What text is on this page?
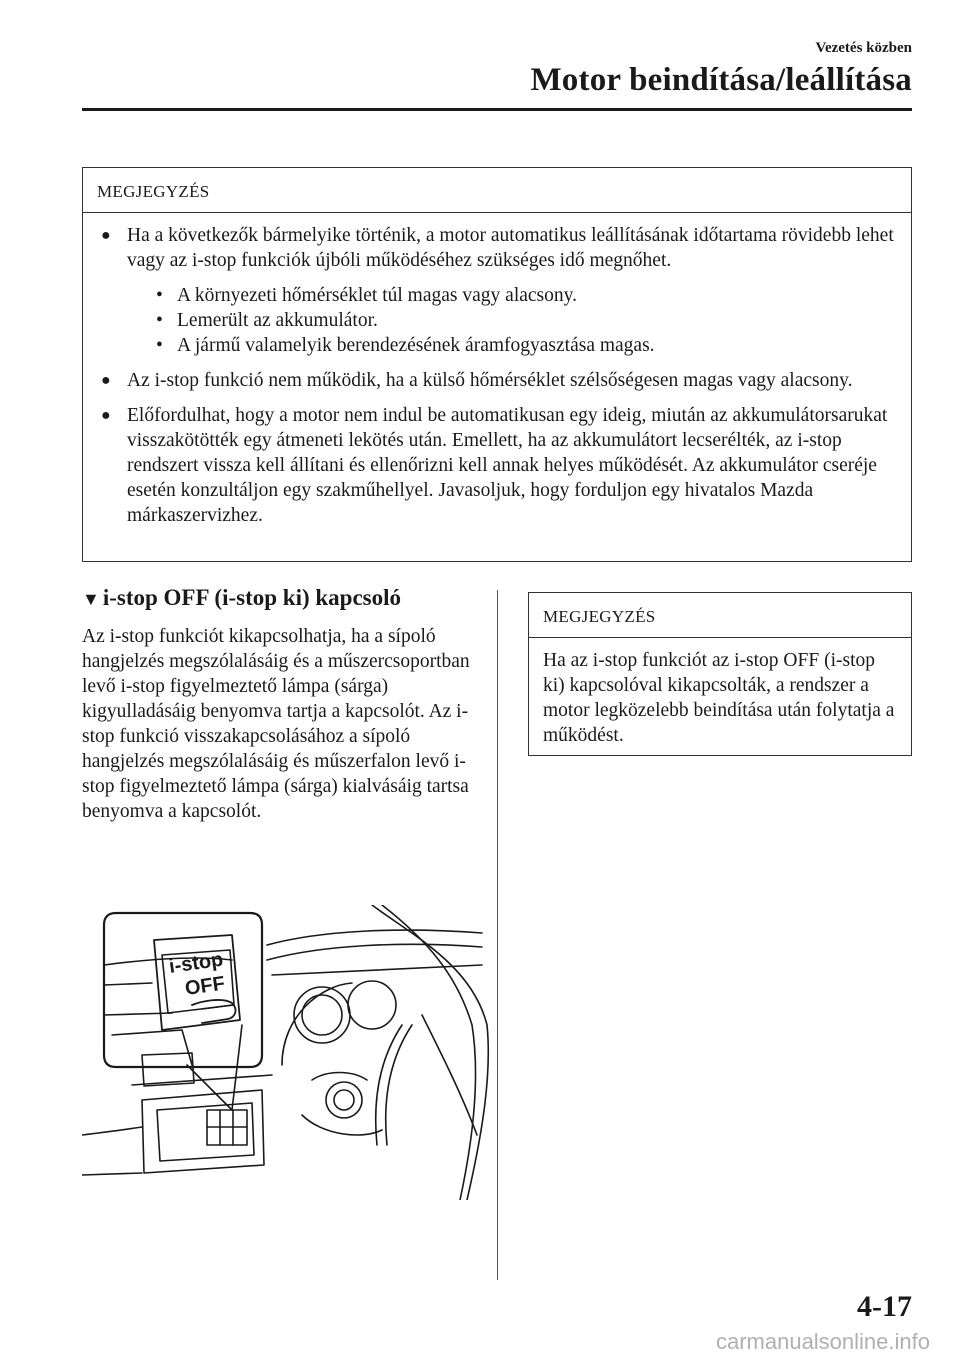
Vezetés közben
Motor beindítása/leállítása
MEGJEGYZÉS
● Ha a következők bármelyike történik, a motor automatikus leállításának időtartama rövidebb lehet vagy az i-stop funkciók újbóli működéséhez szükséges idő megnőhet.
• A környezeti hőmérséklet túl magas vagy alacsony.
• Lemerült az akkumulátor.
• A jármű valamelyik berendezésének áramfogyasztása magas.
● Az i-stop funkció nem működik, ha a külső hőmérséklet szélsőségesen magas vagy alacsony.
● Előfordulhat, hogy a motor nem indul be automatikusan egy ideig, miután az akkumulátorsarukat visszakötötték egy átmeneti lekötés után. Emellett, ha az akkumulátort lecserélték, az i-stop rendszert vissza kell állítani és ellenőrizni kell annak helyes működését. Az akkumulátor cseréje esetén konzultáljon egy szakműhellyel. Javasoljuk, hogy forduljon egy hivatalos Mazda márkaszervizhez.
▼ i-stop OFF (i-stop ki) kapcsoló
Az i-stop funkciót kikapcsolhatja, ha a sípoló hangjelzés megszólalásáig és a műszercsoportban levő i-stop figyelmeztető lámpa (sárga) kigyulladásáig benyomva tartja a kapcsolót. Az i-stop funkció visszakapcsolásához a sípoló hangjelzés megszólalásáig és műszerfalon levő i-stop figyelmeztető lámpa (sárga) kialvásáig tartsa benyomva a kapcsolót.
MEGJEGYZÉS
Ha az i-stop funkciót az i-stop OFF (i-stop ki) kapcsolóval kikapcsolták, a rendszer a motor legközelebb beindítása után folytatja a működést.
i-stop
OFF
4-17
carmanualsonline.info
